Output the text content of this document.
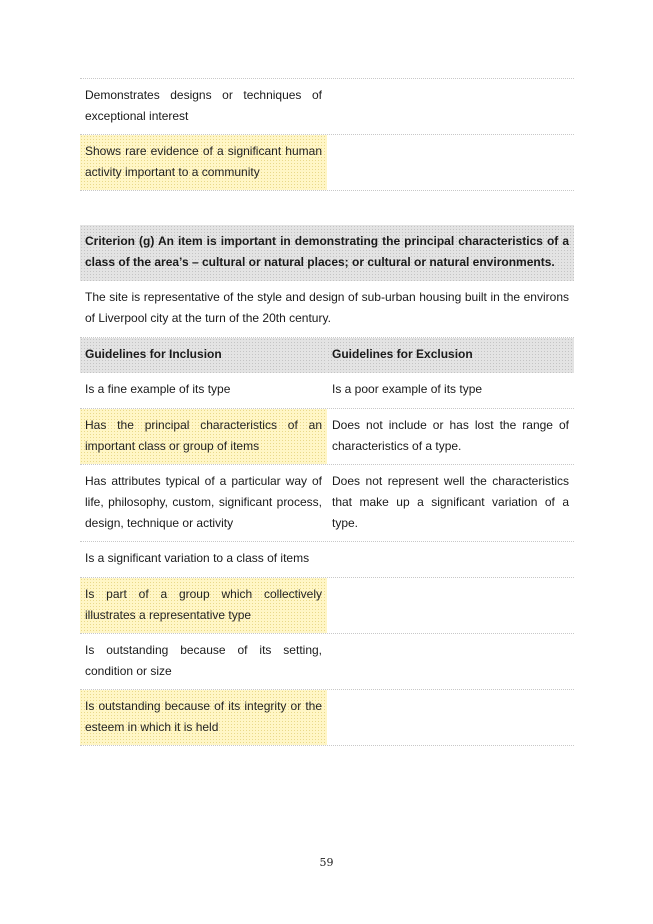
Demonstrates designs or techniques of exceptional interest
Shows rare evidence of a significant human activity important to a community
Criterion (g) An item is important in demonstrating the principal characteristics of a class of the area’s – cultural or natural places; or cultural or natural environments.
The site is representative of the style and design of sub-urban housing built in the environs of Liverpool city at the turn of the 20th century.
Guidelines for Inclusion	Guidelines for Exclusion
Is a fine example of its type	Is a poor example of its type
Has the principal characteristics of an important class or group of items
Does not include or has lost the range of characteristics of a type.
Has attributes typical of a particular way of life, philosophy, custom, significant process, design, technique or activity
Does not represent well the characteristics that make up a significant variation of a type.
Is a significant variation to a class of items
Is part of a group which collectively illustrates a representative type
Is outstanding because of its setting, condition or size
Is outstanding because of its integrity or the esteem in which it is held
59
